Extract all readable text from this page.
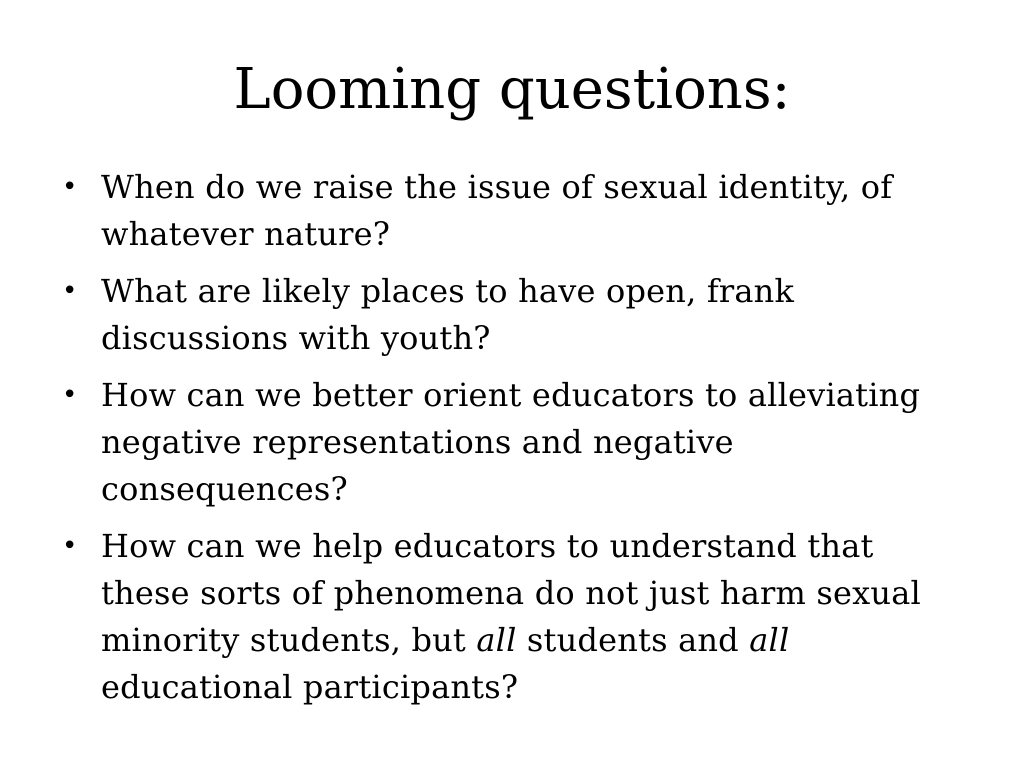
Looming questions:
• When do we raise the issue of sexual identity, of whatever nature?
• What are likely places to have open, frank discussions with youth?
• How can we better orient educators to alleviating negative representations and negative consequences?
• How can we help educators to understand that these sorts of phenomena do not just harm sexual minority students, but all students and all educational participants?
